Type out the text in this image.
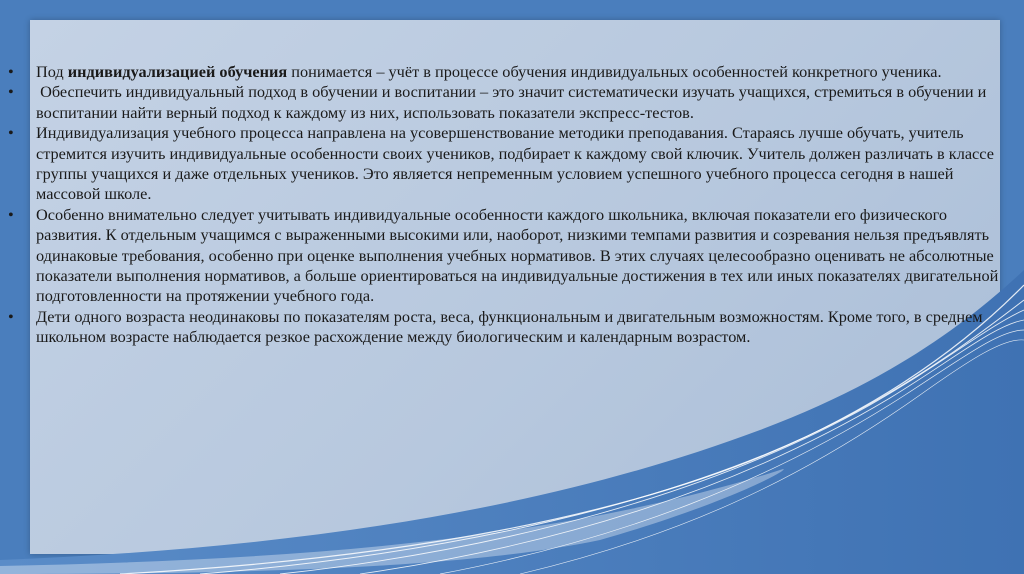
• Под индивидуализацией обучения понимается – учёт в процессе обучения индивидуальных особенностей конкретного ученика.

• Обеспечить индивидуальный подход в обучении и воспитании – это значит систематически изучать учащихся, стремиться в обучении и воспитании найти верный подход к каждому из них, использовать показатели экспресс-тестов.

• Индивидуализация учебного процесса направлена на усовершенствование методики преподавания. Стараясь лучше обучать, учитель стремится изучить индивидуальные особенности своих учеников, подбирает к каждому свой ключик. Учитель должен различать в классе группы учащихся и даже отдельных учеников. Это является непременным условием успешного учебного процесса сегодня в нашей массовой школе.

• Особенно внимательно следует учитывать индивидуальные особенности каждого школьника, включая показатели его физического развития. К отдельным учащимся с выраженными высокими или, наоборот, низкими темпами развития и созревания нельзя предъявлять одинаковые требования, особенно при оценке выполнения учебных нормативов. В этих случаях целесообразно оценивать не абсолютные показатели выполнения нормативов, а больше ориентироваться на индивидуальные достижения в тех или иных показателях двигательной подготовленности на протяжении учебного года.

• Дети одного возраста неодинаковы по показателям роста, веса, функциональным и двигательным возможностям. Кроме того, в среднем школьном возрасте наблюдается резкое расхождение между биологическим и календарным возрастом.
